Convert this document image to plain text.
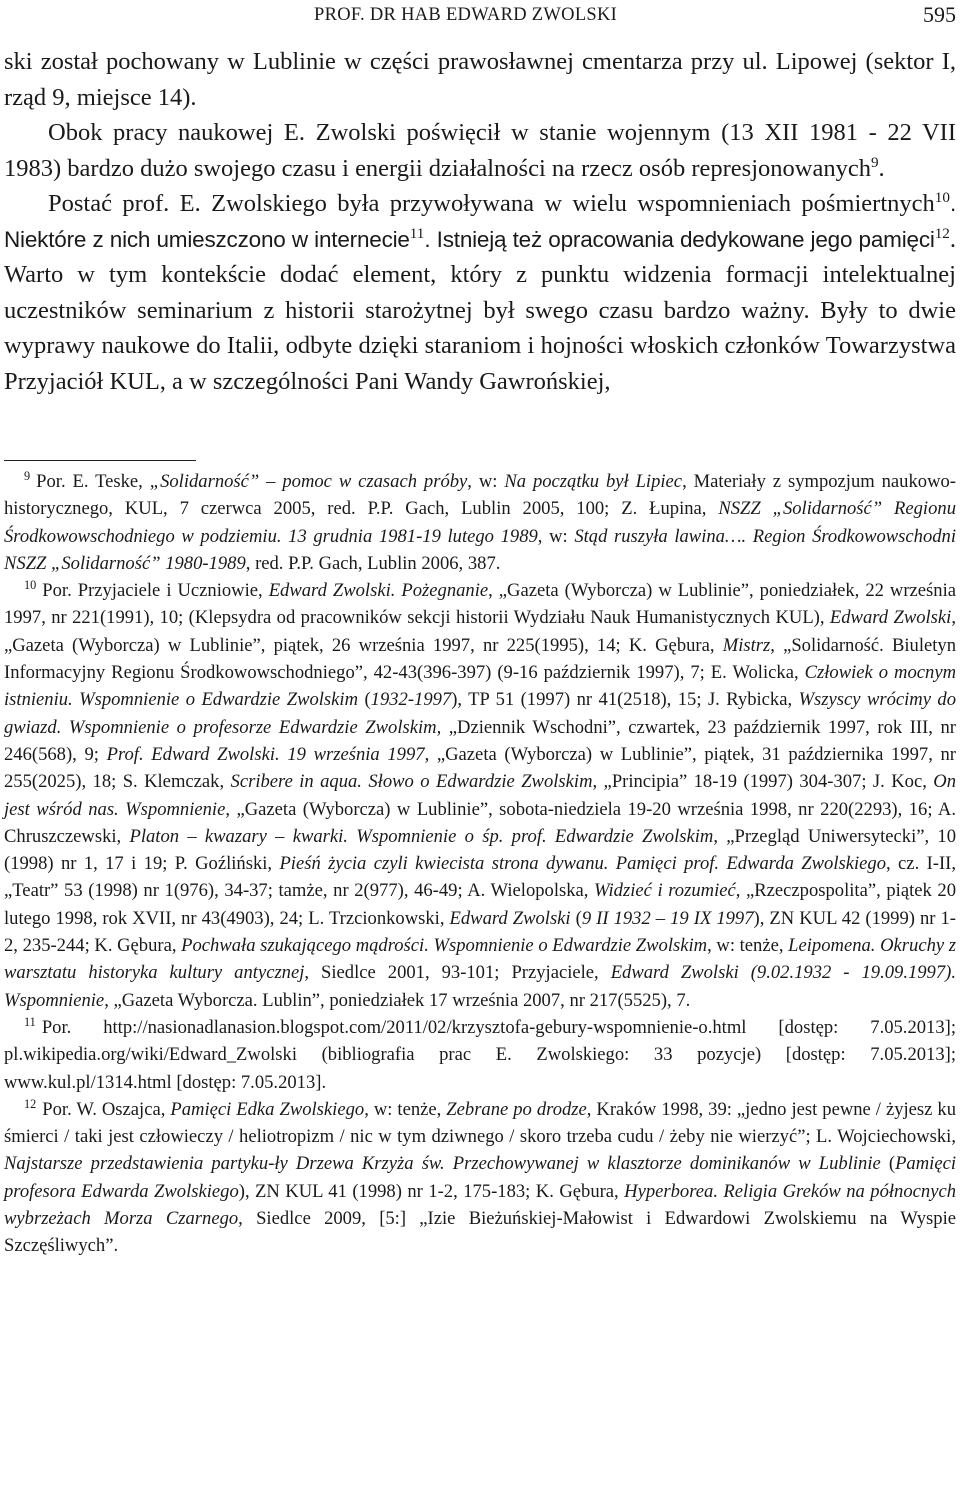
PROF. DR HAB EDWARD ZWOLSKI	595

ski został pochowany w Lublinie w części prawosławnej cmentarza przy ul. Lipowej (sektor I, rząd 9, miejsce 14).

Obok pracy naukowej E. Zwolski poświęcił w stanie wojennym (13 XII 1981 - 22 VII 1983) bardzo dużo swojego czasu i energii działalności na rzecz osób represjonowanych$^9$.

Postać prof. E. Zwolskiego była przywoływana w wielu wspomnieniach pośmiertnych$^{10}$. Niektóre z nich umieszczono w internecie$^{11}$. Istnieją też opracowania dedykowane jego pamięci$^{12}$. Warto w tym kontekście dodać element, który z punktu widzenia formacji intelektualnej uczestników seminarium z historii starożytnej był swego czasu bardzo ważny. Były to dwie wyprawy naukowe do Italii, odbyte dzięki staraniom i hojności włoskich członków Towarzystwa Przyjaciół KUL, a w szczególności Pani Wandy Gawrońskiej,

$^9$ Por. E. Teske, „Solidarność” – pomoc w czasach próby, w: Na początku był Lipiec, Materiały z sympozjum naukowo-historycznego, KUL, 7 czerwca 2005, red. P.P. Gach, Lublin 2005, 100; Z. Łupina, NSZZ „Solidarność” Regionu Środkowowschodniego w podziemiu. 13 grudnia 1981-19 lutego 1989, w: Stąd ruszyła lawina…. Region Środkowowschodni NSZZ „Solidarność” 1980-1989, red. P.P. Gach, Lublin 2006, 387.

$^{10}$ Por. Przyjaciele i Uczniowie, Edward Zwolski. Pożegnanie, „Gazeta (Wyborcza) w Lublinie”, poniedziałek, 22 września 1997, nr 221(1991), 10; (Klepsydra od pracowników sekcji historii Wydziału Nauk Humanistycznych KUL), Edward Zwolski, „Gazeta (Wyborcza) w Lublinie”, piątek, 26 września 1997, nr 225(1995), 14; K. Gębura, Mistrz, „Solidarność. Biuletyn Informacyjny Regionu Środkowowschodniego”, 42-43(396-397) (9-16 październik 1997), 7; E. Wolicka, Człowiek o mocnym istnieniu. Wspomnienie o Edwardzie Zwolskim (1932-1997), TP 51 (1997) nr 41(2518), 15; J. Rybicka, Wszyscy wrócimy do gwiazd. Wspomnienie o profesorze Edwardzie Zwolskim, „Dziennik Wschodni”, czwartek, 23 październik 1997, rok III, nr 246(568), 9; Prof. Edward Zwolski. 19 września 1997, „Gazeta (Wyborcza) w Lublinie”, piątek, 31 października 1997, nr 255(2025), 18; S. Klemczak, Scribere in aqua. Słowo o Edwardzie Zwolskim, „Principia” 18-19 (1997) 304-307; J. Koc, On jest wśród nas. Wspomnienie, „Gazeta (Wyborcza) w Lublinie”, sobota-niedziela 19-20 września 1998, nr 220(2293), 16; A. Chruszczewski, Platon – kwazary – kwarki. Wspomnienie o śp. prof. Edwardzie Zwolskim, „Przegląd Uniwersytecki”, 10 (1998) nr 1, 17 i 19; P. Goźliński, Pieśń życia czyli kwiecista strona dywanu. Pamięci prof. Edwarda Zwolskiego, cz. I-II, „Teatr” 53 (1998) nr 1(976), 34-37; tamże, nr 2(977), 46-49; A. Wielopolska, Widzieć i rozumieć, „Rzeczpospolita”, piątek 20 lutego 1998, rok XVII, nr 43(4903), 24; L. Trzcionkowski, Edward Zwolski (9 II 1932 – 19 IX 1997), ZN KUL 42 (1999) nr 1-2, 235-244; K. Gębura, Pochwała szukającego mądrości. Wspomnienie o Edwardzie Zwolskim, w: tenże, Leipomena. Okruchy z warsztatu historyka kultury antycznej, Siedlce 2001, 93-101; Przyjaciele, Edward Zwolski (9.02.1932 - 19.09.1997). Wspomnienie, „Gazeta Wyborcza. Lublin”, poniedziałek 17 września 2007, nr 217(5525), 7.

$^{11}$ Por. http://nasionadlanasion.blogspot.com/2011/02/krzysztofa-gebury-wspomnienie-o.html [dostęp: 7.05.2013]; pl.wikipedia.org/wiki/Edward_Zwolski (bibliografia prac E. Zwolskiego: 33 pozycje) [dostęp: 7.05.2013]; www.kul.pl/1314.html [dostęp: 7.05.2013].

$^{12}$ Por. W. Oszajca, Pamięci Edka Zwolskiego, w: tenże, Zebrane po drodze, Kraków 1998, 39: „jedno jest pewne / żyjesz ku śmierci / taki jest człowieczy / heliotropizm / nic w tym dziwnego / skoro trzeba cudu / żeby nie wierzyć”; L. Wojciechowski, Najstarsze przedstawienia partyku-ły Drzewa Krzyża św. Przechowywanej w klasztorze dominikanów w Lublinie (Pamięci profesora Edwarda Zwolskiego), ZN KUL 41 (1998) nr 1-2, 175-183; K. Gębura, Hyperborea. Religia Greków na północnych wybrzeżach Morza Czarnego, Siedlce 2009, [5:] „Izie Bieżuńskiej-Małowist i Edwardowi Zwolskiemu na Wyspie Szczęśliwych”.
